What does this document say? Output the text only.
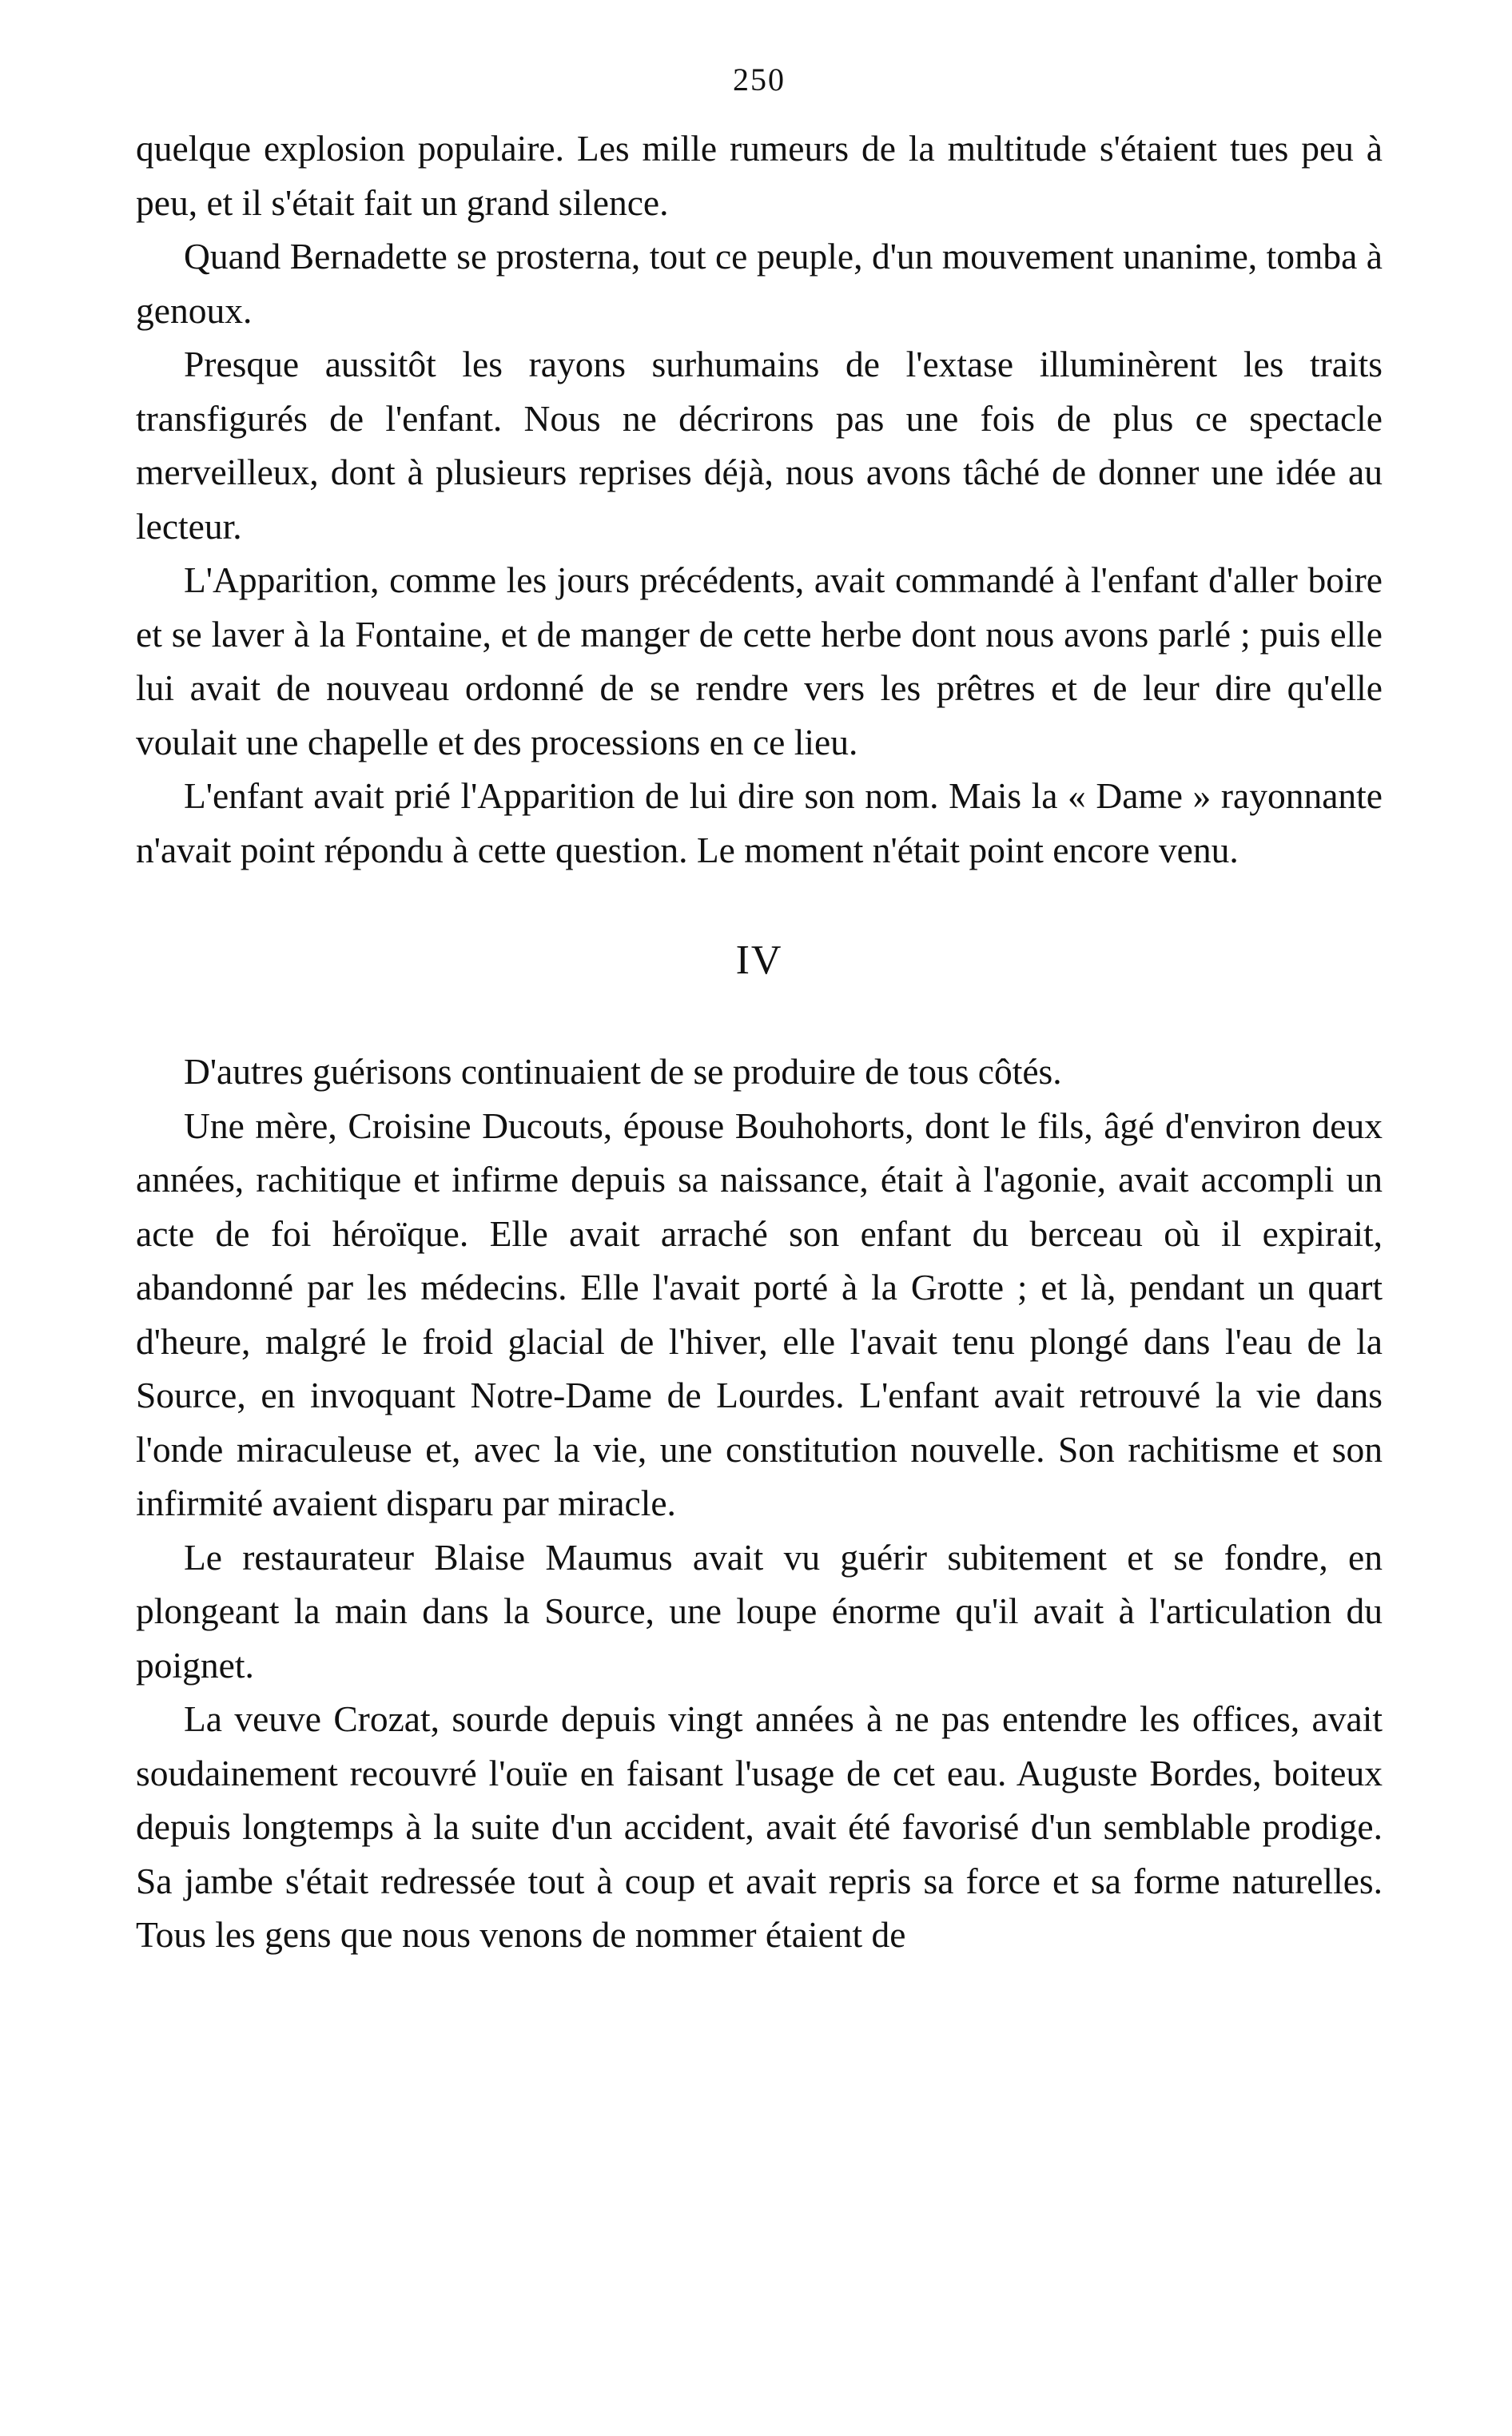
250

quelque explosion populaire. Les mille rumeurs de la multitude s'étaient tues peu à peu, et il s'était fait un grand silence.

Quand Bernadette se prosterna, tout ce peuple, d'un mouvement unanime, tomba à genoux.

Presque aussitôt les rayons surhumains de l'extase illuminèrent les traits transfigurés de l'enfant. Nous ne décrirons pas une fois de plus ce spectacle merveilleux, dont à plusieurs reprises déjà, nous avons tâché de donner une idée au lecteur.

L'Apparition, comme les jours précédents, avait commandé à l'enfant d'aller boire et se laver à la Fontaine, et de manger de cette herbe dont nous avons parlé ; puis elle lui avait de nouveau ordonné de se rendre vers les prêtres et de leur dire qu'elle voulait une chapelle et des processions en ce lieu.

L'enfant avait prié l'Apparition de lui dire son nom. Mais la « Dame » rayonnante n'avait point répondu à cette question. Le moment n'était point encore venu.

IV

D'autres guérisons continuaient de se produire de tous côtés.

Une mère, Croisine Ducouts, épouse Bouhohorts, dont le fils, âgé d'environ deux années, rachitique et infirme depuis sa naissance, était à l'agonie, avait accompli un acte de foi héroïque. Elle avait arraché son enfant du berceau où il expirait, abandonné par les médecins. Elle l'avait porté à la Grotte ; et là, pendant un quart d'heure, malgré le froid glacial de l'hiver, elle l'avait tenu plongé dans l'eau de la Source, en invoquant Notre-Dame de Lourdes. L'enfant avait retrouvé la vie dans l'onde miraculeuse et, avec la vie, une constitution nouvelle. Son rachitisme et son infirmité avaient disparu par miracle.

Le restaurateur Blaise Maumus avait vu guérir subitement et se fondre, en plongeant la main dans la Source, une loupe énorme qu'il avait à l'articulation du poignet.

La veuve Crozat, sourde depuis vingt années à ne pas entendre les offices, avait soudainement recouvré l'ouïe en faisant l'usage de cet eau. Auguste Bordes, boiteux depuis longtemps à la suite d'un accident, avait été favorisé d'un semblable prodige. Sa jambe s'était redressée tout à coup et avait repris sa force et sa forme naturelles. Tous les gens que nous venons de nommer étaient de
